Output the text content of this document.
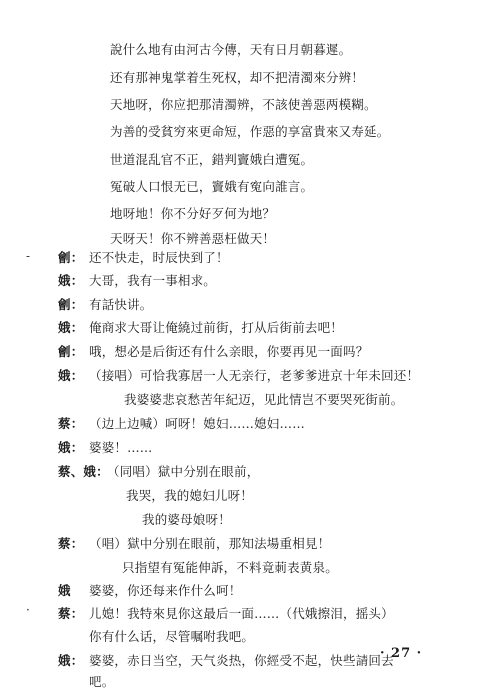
說什么地有由河古今傳，天有日月朝暮遲。
还有那神鬼掌着生死权，却不把清濁來分辨！
天地呀，你应把那清濁辨，不該使善惡两模糊。
为善的受貧穷來更命短，作惡的享富貴來又寿延。
世道混乱官不正，錯判竇娥白遭冤。
冤破人口恨无已，竇娥有寃向誰言。
地呀地！你不分好歹何为地？
天呀天！你不辨善惡枉做天！
- 劊： 还不快走，时辰快到了！
娥： 大哥，我有一事相求。
劊： 有話快讲。
娥： 俺商求大哥让俺繞过前街，打从后街前去吧！
劊： 哦，想必是后街还有什么亲眼，你要再见一面吗？
娥： （接唱）可恰我寡居一人无亲行，老爹爹进京十年未回还！
我婆婆悲哀愁苦年紀迈，见此情岂不要哭死街前。
蔡： （边上边喊）呵呀！媳妇……媳妇……
娥： 婆婆！……
蔡、娥：
（同唱）獄中分别在眼前，
我哭，我的媳妇儿呀！
我的婆母娘呀！
蔡： （唱）獄中分别在眼前，那知法場重相見！
只指望有冤能伸訴，不料竟莿表黄泉。
娥 婆婆，你还每来作什么呵！
· 蔡： 儿媳！我特來見你这最后一面……（代娥擦泪，摇头）
你有什么话，尽管嘱咐我吧。
娥： 婆婆，赤日当空，天气炎热，你經受不起，快些請回去
吧。
· 27 ·
